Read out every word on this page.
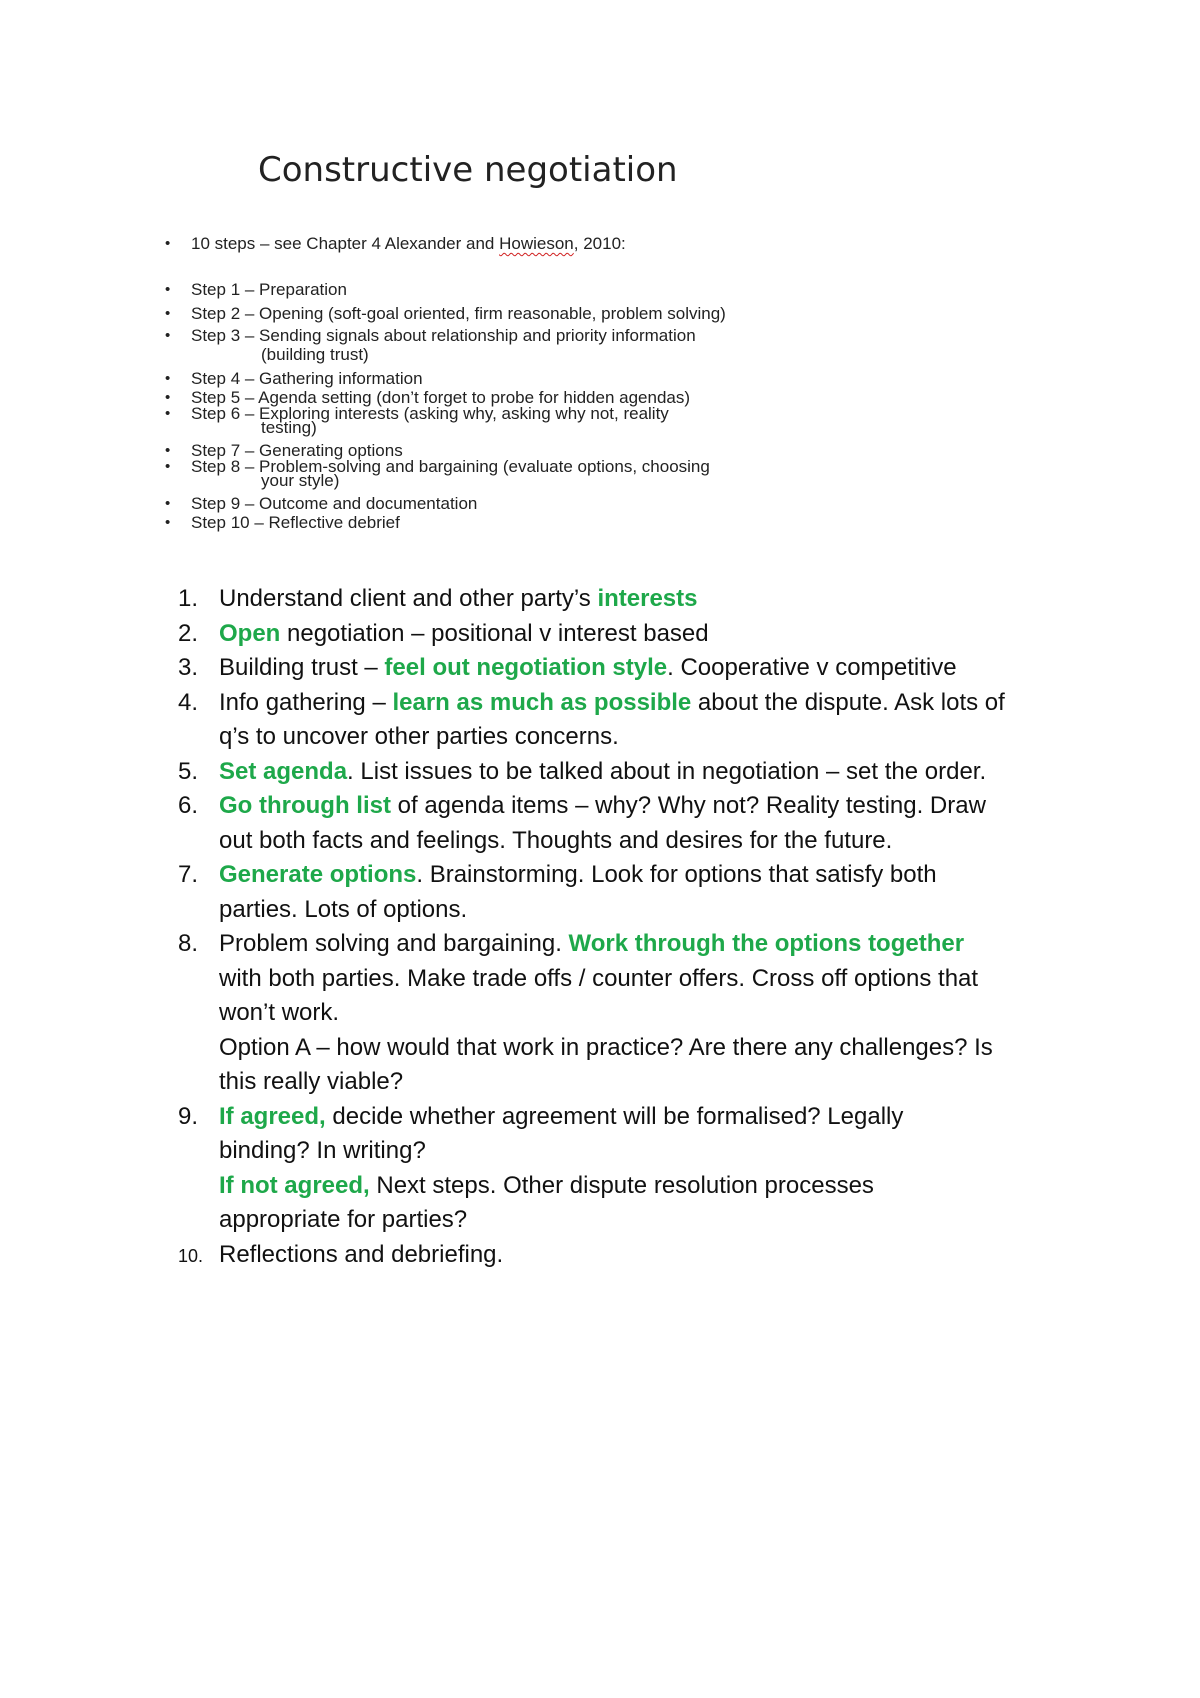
Constructive negotiation
• 10 steps – see Chapter 4 Alexander and Howieson, 2010:
• Step 1 – Preparation
• Step 2 – Opening (soft-goal oriented, firm reasonable, problem solving)
• Step 3 – Sending signals about relationship and priority information
(building trust)
• Step 4 – Gathering information
• Step 5 – Agenda setting (don’t forget to probe for hidden agendas)
• Step 6 – Exploring interests (asking why, asking why not, reality
testing)
• Step 7 – Generating options
• Step 8 – Problem-solving and bargaining (evaluate options, choosing
your style)
• Step 9 – Outcome and documentation
• Step 10 – Reflective debrief
1. Understand client and other party’s interests
2. Open negotiation – positional v interest based
3. Building trust – feel out negotiation style. Cooperative v competitive
4. Info gathering – learn as much as possible about the dispute. Ask lots of
q’s to uncover other parties concerns.
5. Set agenda. List issues to be talked about in negotiation – set the order.
6. Go through list of agenda items – why? Why not? Reality testing. Draw
out both facts and feelings. Thoughts and desires for the future.
7. Generate options. Brainstorming. Look for options that satisfy both
parties. Lots of options.
8. Problem solving and bargaining. Work through the options together
with both parties. Make trade offs / counter offers. Cross off options that
won’t work.
Option A – how would that work in practice? Are there any challenges? Is
this really viable?
9. If agreed, decide whether agreement will be formalised? Legally
binding? In writing?
If not agreed, Next steps. Other dispute resolution processes
appropriate for parties?
10. Reflections and debriefing.
